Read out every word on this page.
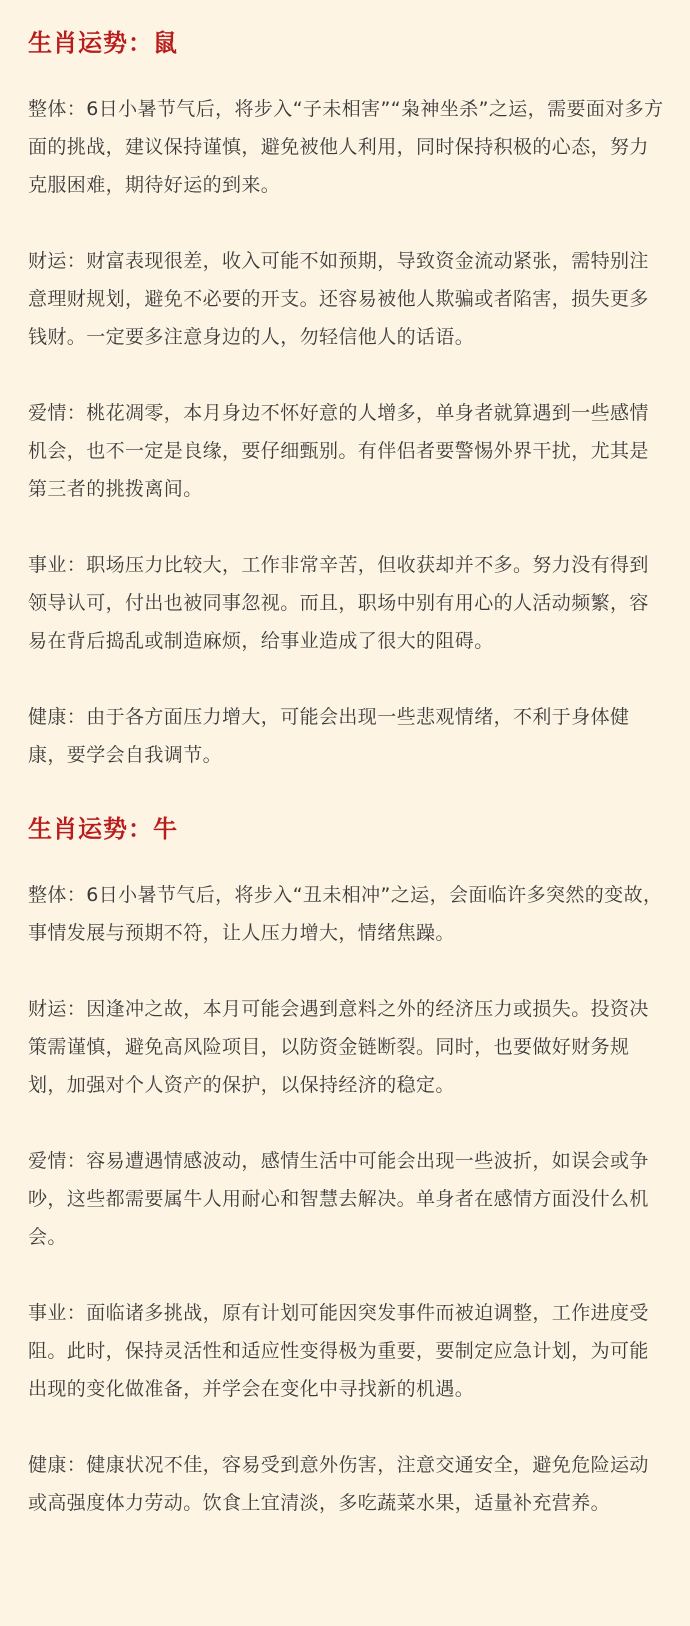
生肖运势：鼠

整体：6日小暑节气后，将步入“子未相害”“枭神坐杀”之运，需要面对多方面的挑战，建议保持谨慎，避免被他人利用，同时保持积极的心态，努力克服困难，期待好运的到来。

财运：财富表现很差，收入可能不如预期，导致资金流动紧张，需特别注意理财规划，避免不必要的开支。还容易被他人欺骗或者陷害，损失更多钱财。一定要多注意身边的人，勿轻信他人的话语。

爱情：桃花凋零，本月身边不怀好意的人增多，单身者就算遇到一些感情机会，也不一定是良缘，要仔细甄别。有伴侣者要警惕外界干扰，尤其是第三者的挑拨离间。

事业：职场压力比较大，工作非常辛苦，但收获却并不多。努力没有得到领导认可，付出也被同事忽视。而且，职场中别有用心的人活动频繁，容易在背后捣乱或制造麻烦，给事业造成了很大的阻碍。

健康：由于各方面压力增大，可能会出现一些悲观情绪，不利于身体健康，要学会自我调节。

生肖运势：牛

整体：6日小暑节气后，将步入“丑未相冲”之运，会面临许多突然的变故，事情发展与预期不符，让人压力增大，情绪焦躁。

财运：因逢冲之故，本月可能会遇到意料之外的经济压力或损失。投资决策需谨慎，避免高风险项目，以防资金链断裂。同时，也要做好财务规划，加强对个人资产的保护，以保持经济的稳定。

爱情：容易遭遇情感波动，感情生活中可能会出现一些波折，如误会或争吵，这些都需要属牛人用耐心和智慧去解决。单身者在感情方面没什么机会。

事业：面临诸多挑战，原有计划可能因突发事件而被迫调整，工作进度受阻。此时，保持灵活性和适应性变得极为重要，要制定应急计划，为可能出现的变化做准备，并学会在变化中寻找新的机遇。

健康：健康状况不佳，容易受到意外伤害，注意交通安全，避免危险运动或高强度体力劳动。饮食上宜清淡，多吃蔬菜水果，适量补充营养。
